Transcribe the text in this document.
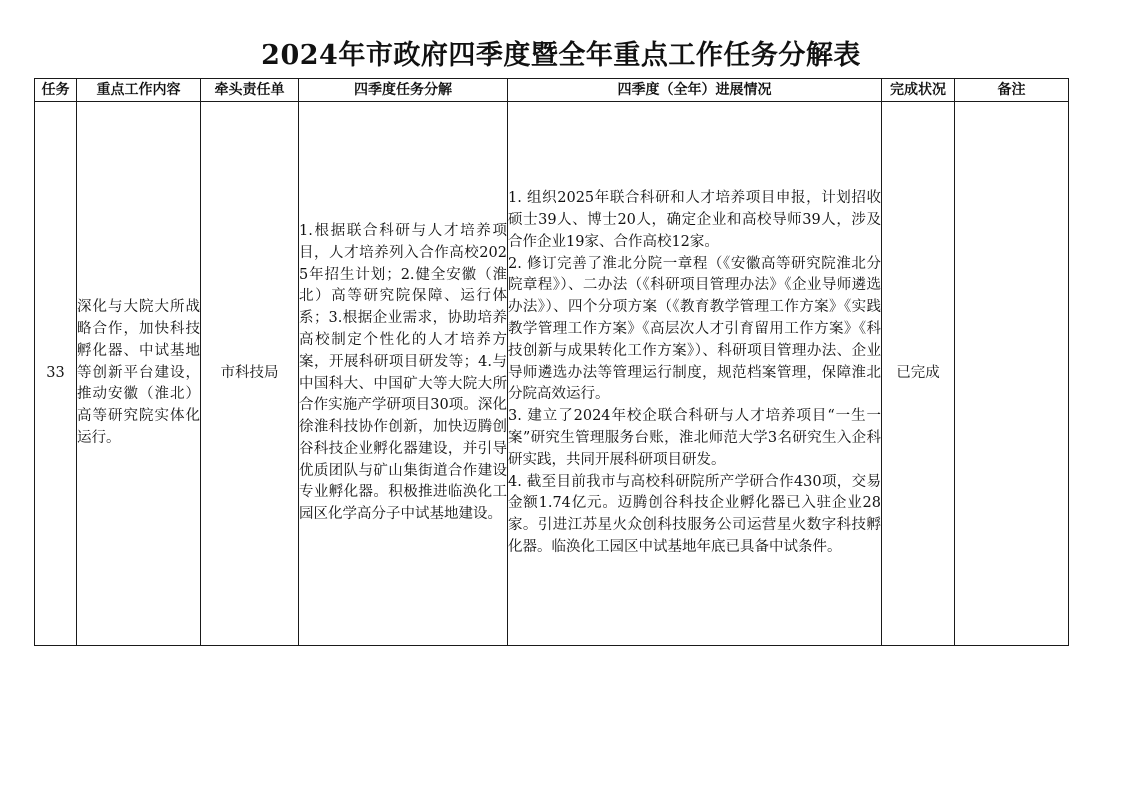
2024年市政府四季度暨全年重点工作任务分解表
任务	重点工作内容	牵头责任单	四季度任务分解	四季度（全年）进展情况	完成状况	备注
33	深化与大院大所战略合作，加快科技孵化器、中试基地等创新平台建设，推动安徽（淮北）高等研究院实体化运行。	市科技局	1.根据联合科研与人才培养项目，人才培养列入合作高校2025年招生计划；2.健全安徽（淮北）高等研究院保障、运行体系；3.根据企业需求，协助培养高校制定个性化的人才培养方案，开展科研项目研发等；4.与中国科大、中国矿大等大院大所合作实施产学研项目30项。深化徐淮科技协作创新，加快迈腾创谷科技企业孵化器建设，并引导优质团队与矿山集街道合作建设专业孵化器。积极推进临涣化工园区化学高分子中试基地建设。	1. 组织2025年联合科研和人才培养项目申报，计划招收硕士39人、博士20人，确定企业和高校导师39人，涉及合作企业19家、合作高校12家。
2. 修订完善了淮北分院一章程（《安徽高等研究院淮北分院章程》）、二办法（《科研项目管理办法》《企业导师遴选办法》）、四个分项方案（《教育教学管理工作方案》《实践教学管理工作方案》《高层次人才引育留用工作方案》《科技创新与成果转化工作方案》）、科研项目管理办法、企业导师遴选办法等管理运行制度，规范档案管理，保障淮北分院高效运行。
3. 建立了2024年校企联合科研与人才培养项目“一生一案”研究生管理服务台账，淮北师范大学3名研究生入企科研实践，共同开展科研项目研发。
4. 截至目前我市与高校科研院所产学研合作430项，交易金额1.74亿元。迈腾创谷科技企业孵化器已入驻企业28家。引进江苏星火众创科技服务公司运营星火数字科技孵化器。临涣化工园区中试基地年底已具备中试条件。	已完成	
